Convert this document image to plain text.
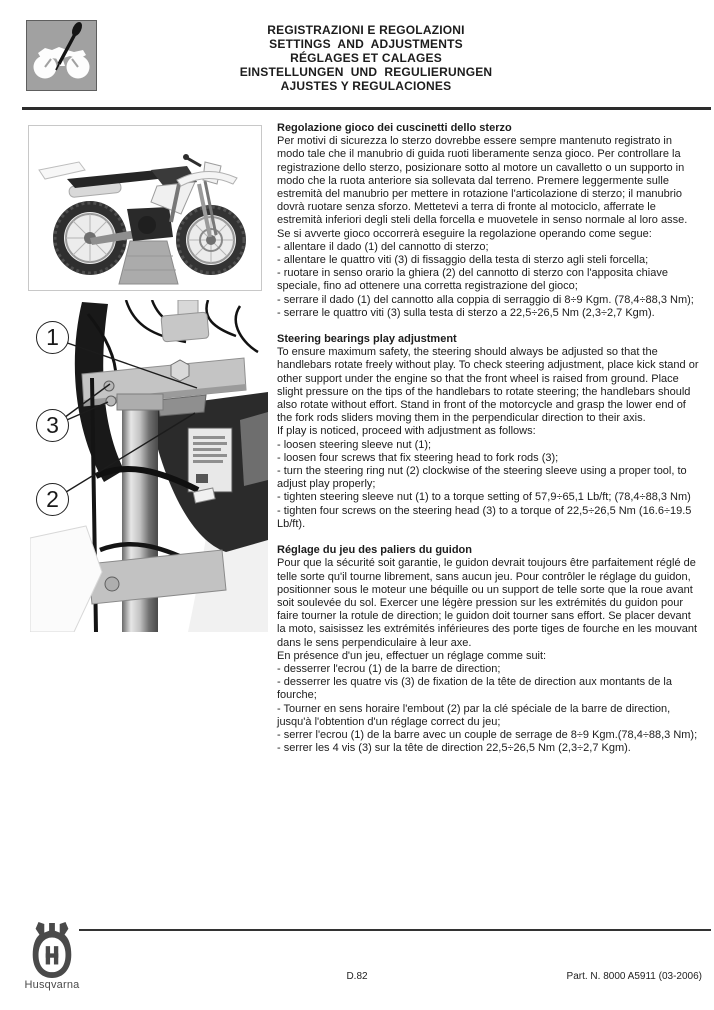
REGISTRAZIONI E REGOLAZIONI
SETTINGS  AND  ADJUSTMENTS
RÉGLAGES ET CALAGES
EINSTELLUNGEN  UND  REGULIERUNGEN
AJUSTES Y REGULACIONES
1
3
2

Regolazione gioco dei cuscinetti dello sterzo

Per motivi di sicurezza lo sterzo dovrebbe essere sempre mantenuto registrato in modo tale che il manubrio di guida ruoti liberamente senza gioco. Per controllare la registrazione dello sterzo, posizionare sotto al motore un cavalletto o un supporto in modo che la ruota anteriore sia sollevata dal terreno. Premere leggermente sulle estremità del manubrio per mettere in rotazione l'articolazione di sterzo; il manubrio dovrà ruotare senza sforzo. Mettetevi a terra di fronte al motociclo, afferrate le estremità inferiori degli steli della forcella e muovetele in senso normale al loro asse. Se si avverte gioco occorrerà eseguire la regolazione operando come segue:

- allentare il dado (1) del cannotto di sterzo;

- allentare le quattro viti (3) di fissaggio della testa di sterzo agli steli forcella;

- ruotare in senso orario la ghiera (2) del cannotto di sterzo con l'apposita chiave speciale, fino ad ottenere una corretta registrazione del gioco;

- serrare il dado (1) del cannotto alla coppia di serraggio di 8÷9 Kgm. (78,4÷88,3 Nm);

- serrare le quattro viti (3) sulla testa di sterzo a 22,5÷26,5 Nm (2,3÷2,7 Kgm).

Steering bearings play adjustment

To ensure maximum safety, the steering should always be adjusted so that the handlebars rotate freely without play. To check steering adjustment, place kick stand or other support under the engine so that the front wheel is raised from ground. Place slight pressure on the tips of the handlebars to rotate steering; the handlebars should also rotate without effort. Stand in front of the motorcycle and grasp the lower end of the fork rods sliders moving them in the perpendicular direction to their axis.

If play is noticed, proceed with adjustment as follows:

- loosen steering sleeve nut (1);

- loosen four screws that fix steering head to fork rods (3);

- turn the steering ring nut (2) clockwise of the steering sleeve using a proper tool, to adjust play properly;

- tighten steering sleeve nut (1) to a torque setting of 57,9÷65,1 Lb/ft; (78,4÷88,3 Nm)

- tighten four screws on the steering head (3) to a torque of 22,5÷26,5 Nm (16.6÷19.5 Lb/ft).

Réglage du jeu des paliers du guidon

Pour que la sécurité soit garantie, le guidon devrait toujours être parfaitement réglé de telle sorte qu'il tourne librement, sans aucun jeu. Pour contrôler le réglage du guidon, positionner sous le moteur une béquille ou un support de telle sorte que la roue avant soit soulevée du sol. Exercer une légère pression sur les extrémités du guidon pour faire tourner la rotule de direction; le guidon doit tourner sans effort. Se placer devant la moto, saisissez les extrémités inférieures des porte tiges de fourche en les mouvant dans le sens perpendiculaire à leur axe.

En présence d'un jeu, effectuer un réglage comme suit:

- desserrer l'ecrou (1) de la barre de direction;

- desserrer les quatre vis (3) de fixation de la tête de direction aux montants de la fourche;

- Tourner en sens horaire l'embout (2) par la clé spéciale de la barre de direction, jusqu'à l'obtention d'un réglage correct du jeu;

- serrer l'ecrou (1) de la barre avec un couple de serrage de 8÷9 Kgm.(78,4÷88,3 Nm);

- serrer les 4 vis (3) sur la tête de direction 22,5÷26,5 Nm (2,3÷2,7 Kgm).

Husqvarna
D.82	Part. N. 8000 A5911 (03-2006)
